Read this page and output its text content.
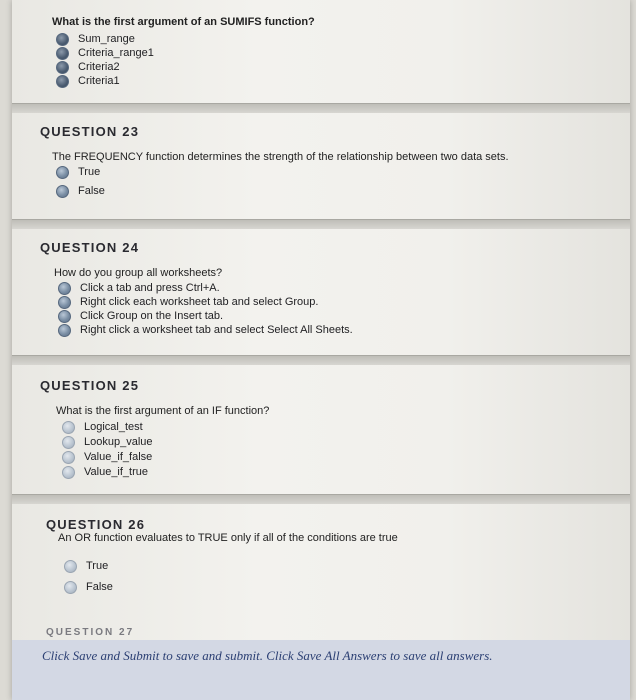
What is the first argument of an SUMIFS function?
Sum_range
Criteria_range1
Criteria2
Criteria1
QUESTION 23
The FREQUENCY function determines the strength of the relationship between two data sets.
True
False
QUESTION 24
How do you group all worksheets?
Click a tab and press Ctrl+A.
Right click each worksheet tab and select Group.
Click Group on the Insert tab.
Right click a worksheet tab and select Select All Sheets.
QUESTION 25
What is the first argument of an IF function?
Logical_test
Lookup_value
Value_if_false
Value_if_true
QUESTION 26
An OR function evaluates to TRUE only if all of the conditions are true
True
False
QUESTION 27
Click Save and Submit to save and submit. Click Save All Answers to save all answers.
